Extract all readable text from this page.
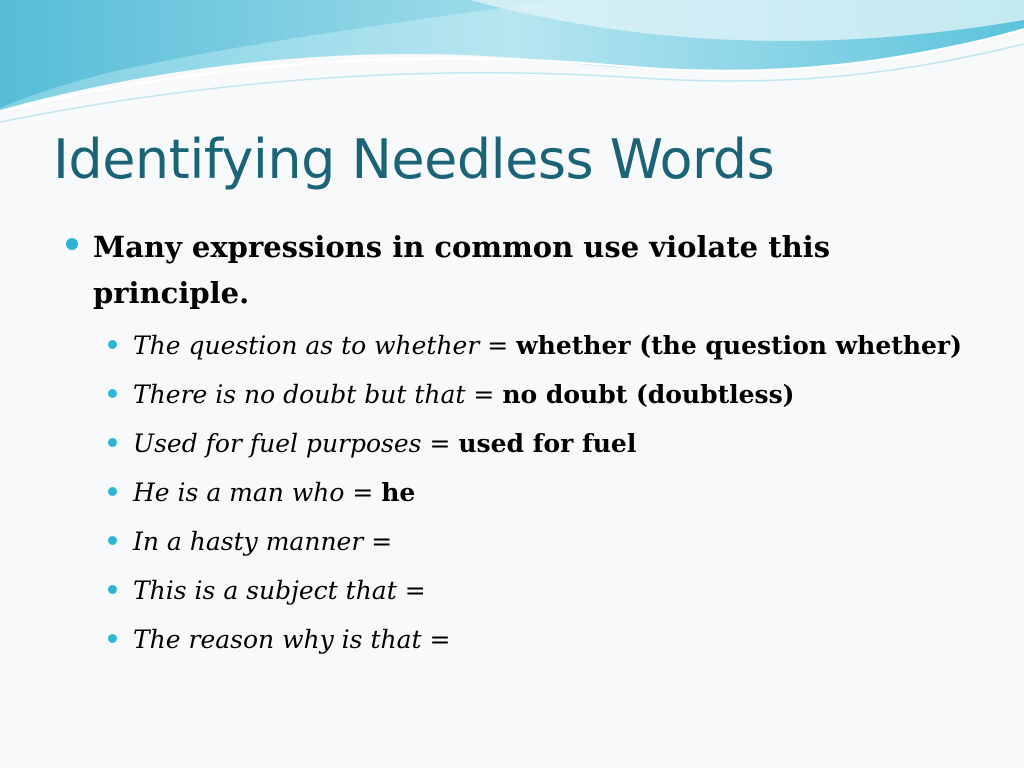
Identifying Needless Words
Many expressions in common use violate this principle.
The question as to whether = whether (the question whether)
There is no doubt but that = no doubt (doubtless)
Used for fuel purposes = used for fuel
He is a man who = he
In a hasty manner =
This is a subject that =
The reason why is that =
